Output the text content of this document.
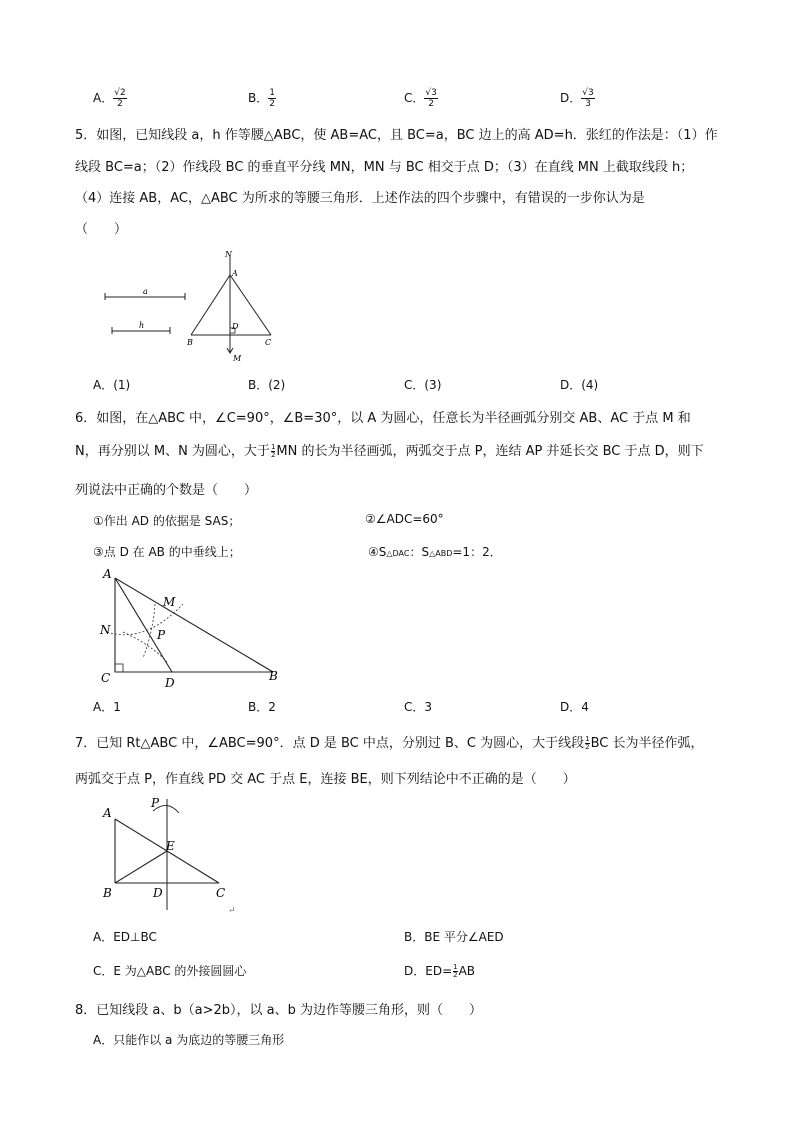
A． $\frac{√2}{2}$	B． $\frac{1}{2}$	C． $\frac{√3}{2}$	D． $\frac{√3}{3}$
5．如图，已知线段 a，h 作等腰△ABC，使 AB=AC，且 BC=a，BC 边上的高 AD=h．张红的作法是：（1）作
线段 BC=a；（2）作线段 BC 的垂直平分线 MN，MN 与 BC 相交于点 D；（3）在直线 MN 上截取线段 h；
（4）连接 AB，AC，△ABC 为所求的等腰三角形．上述作法的四个步骤中，有错误的一步你认为是
（　　）
a
h
N
A
D
B	C
M
A．(1)	B．(2)	C．(3)	D．(4)
6．如图，在△ABC 中，∠C=90°，∠B=30°，以 A 为圆心，任意长为半径画弧分别交 AB、AC 于点 M 和
N，再分别以 M、N 为圆心，大于 $\frac{1}{2}MN$ 的长为半径画弧，两弧交于点 P，连结 AP 并延长交 BC 于点 D，则下
列说法中正确的个数是（　　）
①作出 AD 的依据是 SAS；	②∠ADC=60°
③点 D 在 AB 的中垂线上；	④S△DAC：S△ABD=1：2．
A
M
N	P
C	D	B
A．1	B．2	C．3	D．4
7．已知 Rt△ABC 中，∠ABC=90°．点 D 是 BC 中点，分别过 B、C 为圆心，大于线段 $\frac{1}{2}BC$ 长为半径作弧，
两弧交于点 P，作直线 PD 交 AC 于点 E，连接 BE，则下列结论中不正确的是（　　）
A
P
E
B	D	C
↵
A．ED⊥BC	B．BE 平分∠AED
C．E 为△ABC 的外接圆圆心	D．$ED= \frac{1}{2}AB$
8．已知线段 a、b（a>2b），以 a、b 为边作等腰三角形，则（　　）
A．只能作以 a 为底边的等腰三角形
